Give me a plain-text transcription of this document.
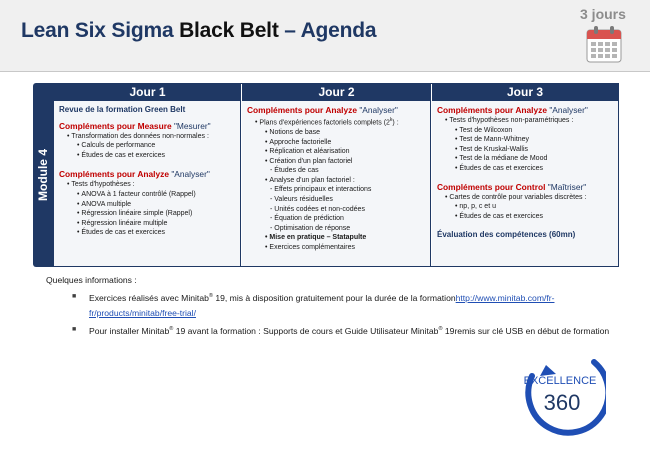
Lean Six Sigma Black Belt – Agenda
3 jours
Module 4
Jour 1	Jour 2	Jour 3
Revue de la formation Green Belt
Compléments pour Measure "Mesurer"
• Transformation des données non-normales :
• Calculs de performance
• Études de cas et exercices
Compléments pour Analyze "Analyser"
• Tests d'hypothèses :
• ANOVA à 1 facteur contrôlé (Rappel)
• ANOVA multiple
• Régression linéaire simple (Rappel)
• Régression linéaire multiple
• Études de cas et exercices
Compléments pour Analyze "Analyser"
• Plans d'expériences factoriels complets (2$^k$) :
• Notions de base
• Approche factorielle
• Réplication et aléarisation
• Création d'un plan factoriel
- Études de cas
• Analyse d'un plan factoriel :
- Effets principaux et interactions
- Valeurs résiduelles
- Unités codées et non-codées
- Équation de prédiction
- Optimisation de réponse
• Mise en pratique – Statapulte
• Exercices complémentaires
Compléments pour Analyze "Analyser"
• Tests d'hypothèses non-paramétriques :
• Test de Wilcoxon
• Test de Mann-Whitney
• Test de Kruskal-Wallis
• Test de la médiane de Mood
• Études de cas et exercices
Compléments pour Control "Maîtriser"
• Cartes de contrôle pour variables discrètes :
• np, p, c et u
• Études de cas et exercices
Évaluation des compétences (60mn)
Quelques informations :
■ Exercices réalisés avec Minitab® 19, mis à disposition gratuitement pour la durée de la formationhttp://www.minitab.com/fr-fr/products/minitab/free-trial/
■ Pour installer Minitab® 19 avant la formation : Supports de cours et Guide Utilisateur Minitab® 19remis sur clé USB en début de formation
EXCELLENCE
360
